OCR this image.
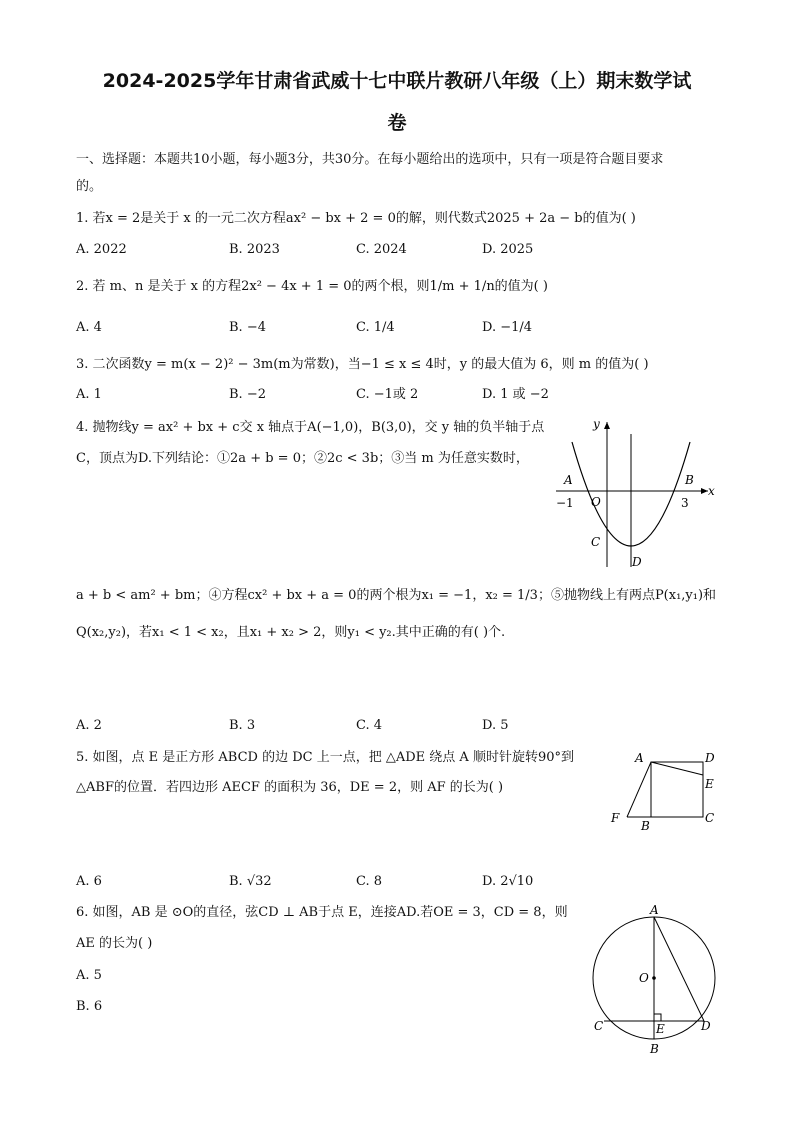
2024-2025学年甘肃省武威十七中联片教研八年级（上）期末数学试
卷
一、选择题：本题共10小题，每小题3分，共30分。在每小题给出的选项中，只有一项是符合题目要求
的。
1. 若x = 2是关于 x 的一元二次方程ax² − bx + 2 = 0的解，则代数式2025 + 2a − b的值为( )
A. 2022	B. 2023	C. 2024	D. 2025
2. 若 m、n 是关于 x 的方程2x² − 4x + 1 = 0的两个根，则1/m + 1/n的值为( )
A. 4	B. −4	C. 1/4	D. −1/4
3. 二次函数y = m(x − 2)² − 3m(m为常数)，当−1 ≤ x ≤ 4时，y 的最大值为 6，则 m 的值为( )
A. 1	B. −2	C. −1或 2	D. 1 或 −2
4. 抛物线y = ax² + bx + c交 x 轴点于A(−1,0)，B(3,0)，交 y 轴的负半轴于点
C，顶点为D.下列结论：①2a + b = 0；②2c < 3b；③当 m 为任意实数时，
a + b < am² + bm；④方程cx² + bx + a = 0的两个根为x₁ = −1，x₂ = 1/3；⑤抛物线上有两点P(x₁,y₁)和
Q(x₂,y₂)，若x₁ < 1 < x₂，且x₁ + x₂ > 2，则y₁ < y₂.其中正确的有( )个.
A. 2	B. 3	C. 4	D. 5
y
x
A
−1 O
B
3
C
D
5. 如图，点 E 是正方形 ABCD 的边 DC 上一点，把 △ADE 绕点 A 顺时针旋转90°到
△ABF的位置．若四边形 AECF 的面积为 36，DE = 2，则 AF 的长为( )
A. 6	B. √32	C. 8	D. 2√10
A	D
E
F
B
C
6. 如图，AB 是 ⊙O的直径，弦CD ⊥ AB于点 E，连接AD.若OE = 3，CD = 8，则
AE 的长为( )
A. 5
B. 6
A
O
C	E	D
B
